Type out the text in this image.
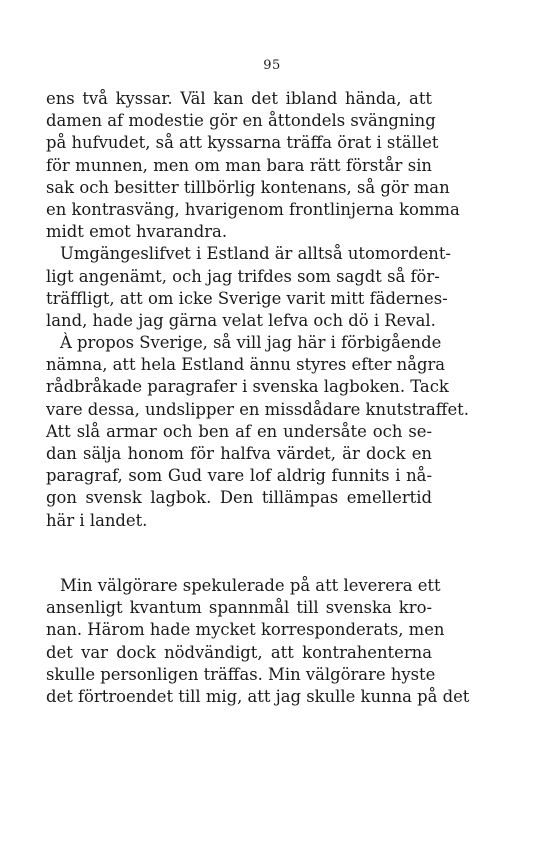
95
ens två kyssar. Väl kan det ibland hända, att
damen af modestie gör en åttondels svängning
på hufvudet, så att kyssarna träffa örat i stället
för munnen, men om man bara rätt förstår sin
sak och besitter tillbörlig kontenans, så gör man
en kontrasväng, hvarigenom frontlinjerna komma
midt emot hvarandra.
Umgängeslifvet i Estland är alltså utomordent-
ligt angenämt, och jag trifdes som sagdt så för-
träffligt, att om icke Sverige varit mitt fädernes-
land, hade jag gärna velat lefva och dö i Reval.
À propos Sverige, så vill jag här i förbigående
nämna, att hela Estland ännu styres efter några
rådbråkade paragrafer i svenska lagboken. Tack
vare dessa, undslipper en missdådare knutstraffet.
Att slå armar och ben af en undersåte och se-
dan sälja honom för halfva värdet, är dock en
paragraf, som Gud vare lof aldrig funnits i nå-
gon svensk lagbok. Den tillämpas emellertid
här i landet.
Min välgörare spekulerade på att leverera ett
ansenligt kvantum spannmål till svenska kro-
nan. Härom hade mycket korresponderats, men
det var dock nödvändigt, att kontrahenterna
skulle personligen träffas. Min välgörare hyste
det förtroendet till mig, att jag skulle kunna på det
